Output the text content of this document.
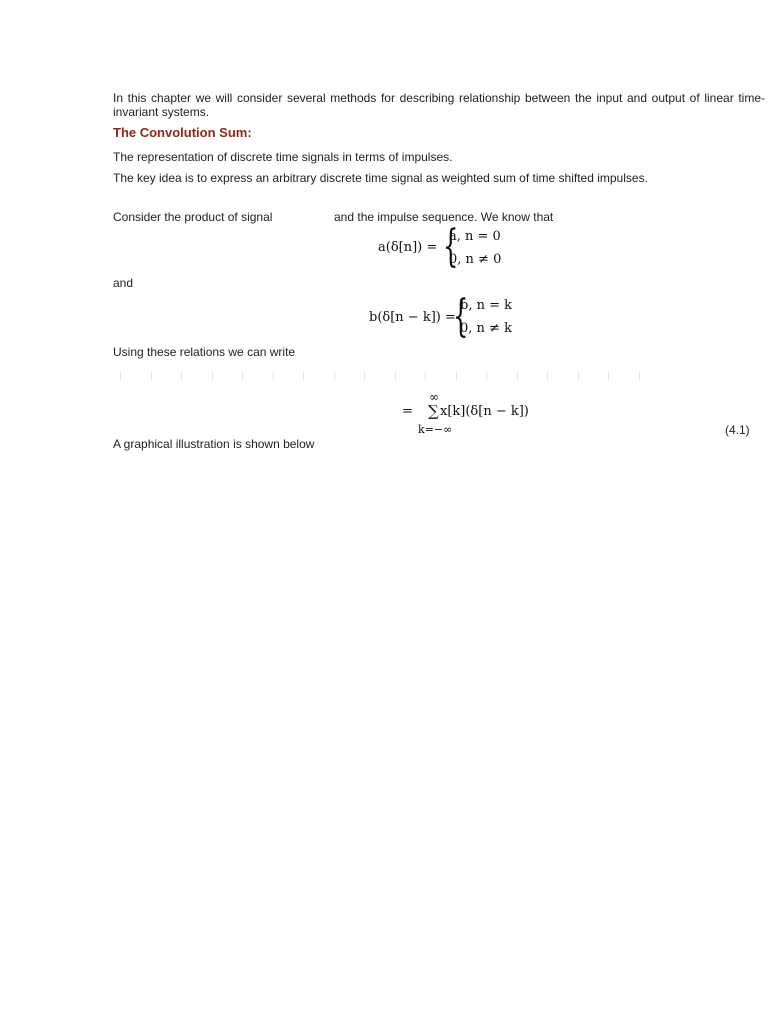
In this chapter we will consider several methods for describing relationship between the input and output of linear time-invariant systems.

The Convolution Sum:

The representation of discrete time signals in terms of impulses.

The key idea is to express an arbitrary discrete time signal as weighted sum of time shifted impulses.

Consider the product of signal	and the impulse sequence. We know that

a(δ[n]) = {
a, n = 0
0, n ≠ 0

and

b(δ[n − k]) =
{
b, n = k
0, n ≠ k

Using these relations we can write

=
∞
∑ x[k](δ[n − k])
k=−∞	(4.1)

A graphical illustration is shown below
